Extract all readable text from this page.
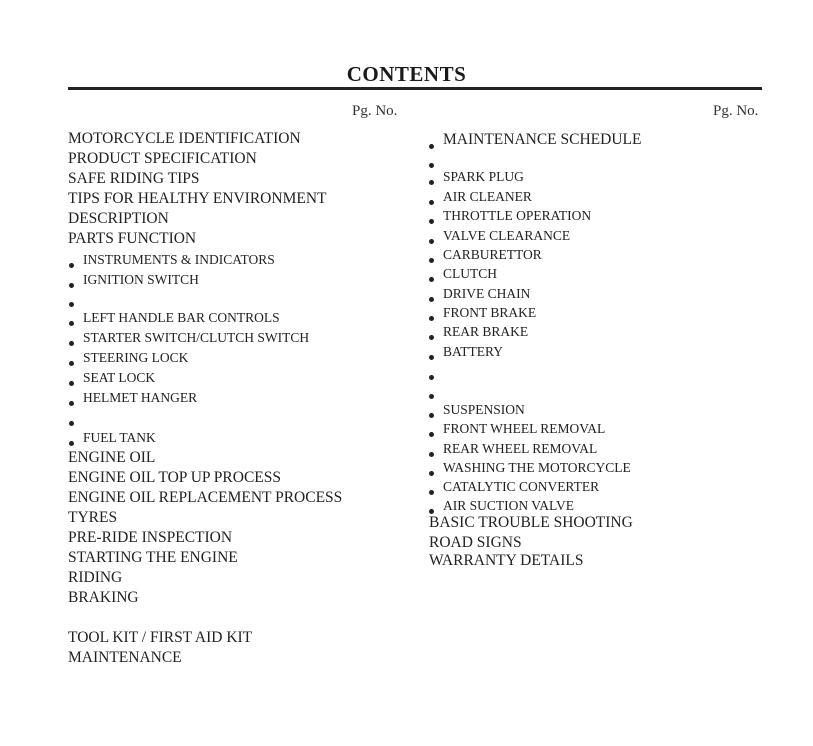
CONTENTS
Pg. No.	Pg. No.
MOTORCYCLE IDENTIFICATION
PRODUCT SPECIFICATION
SAFE RIDING TIPS
TIPS FOR HEALTHY ENVIRONMENT
DESCRIPTION
PARTS FUNCTION
INSTRUMENTS & INDICATORS
IGNITION SWITCH
LEFT HANDLE BAR CONTROLS
STARTER SWITCH/CLUTCH SWITCH
STEERING LOCK
SEAT LOCK
HELMET HANGER
FUEL TANK
ENGINE OIL
ENGINE OIL TOP UP PROCESS
ENGINE OIL REPLACEMENT PROCESS
TYRES
PRE-RIDE INSPECTION
STARTING THE ENGINE
RIDING
BRAKING
TOOL KIT / FIRST AID KIT
MAINTENANCE
MAINTENANCE SCHEDULE
SPARK PLUG
AIR CLEANER
THROTTLE OPERATION
VALVE CLEARANCE
CARBURETTOR
CLUTCH
DRIVE CHAIN
FRONT BRAKE
REAR BRAKE
BATTERY
SUSPENSION
FRONT WHEEL REMOVAL
REAR WHEEL REMOVAL
WASHING THE MOTORCYCLE
CATALYTIC CONVERTER
AIR SUCTION VALVE
BASIC TROUBLE SHOOTING
ROAD SIGNS
WARRANTY DETAILS
